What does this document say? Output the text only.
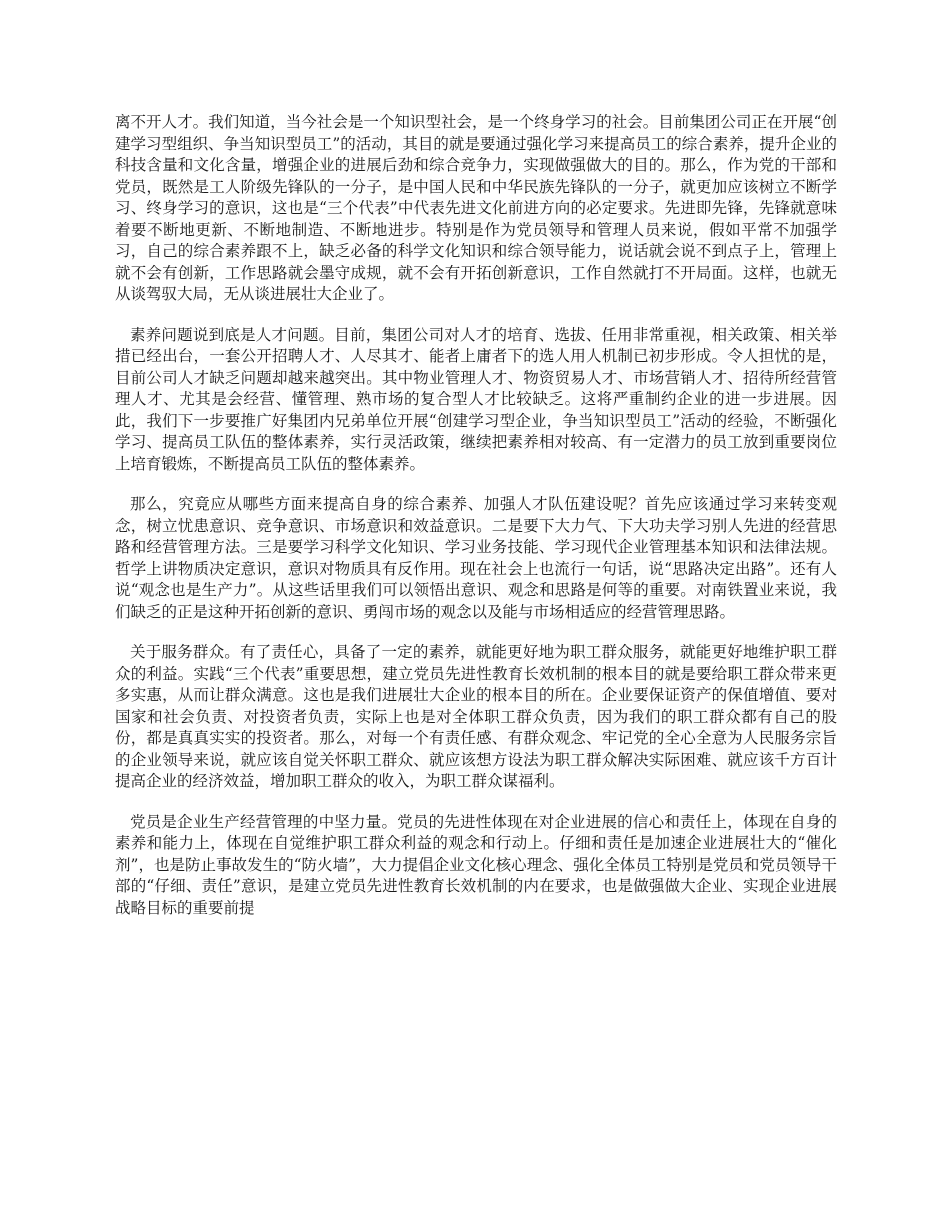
离不开人才。我们知道，当今社会是一个知识型社会，是一个终身学习的社会。目前集团公司正在开展“创建学习型组织、争当知识型员工”的活动，其目的就是要通过强化学习来提高员工的综合素养，提升企业的科技含量和文化含量，增强企业的进展后劲和综合竞争力，实现做强做大的目的。那么，作为党的干部和党员，既然是工人阶级先锋队的一分子，是中国人民和中华民族先锋队的一分子，就更加应该树立不断学习、终身学习的意识，这也是“三个代表”中代表先进文化前进方向的必定要求。先进即先锋，先锋就意味着要不断地更新、不断地制造、不断地进步。特别是作为党员领导和管理人员来说，假如平常不加强学习，自己的综合素养跟不上，缺乏必备的科学文化知识和综合领导能力，说话就会说不到点子上，管理上就不会有创新，工作思路就会墨守成规，就不会有开拓创新意识，工作自然就打不开局面。这样，也就无从谈驾驭大局，无从谈进展壮大企业了。

素养问题说到底是人才问题。目前，集团公司对人才的培育、选拔、任用非常重视，相关政策、相关举措已经出台，一套公开招聘人才、人尽其才、能者上庸者下的选人用人机制已初步形成。令人担忧的是，目前公司人才缺乏问题却越来越突出。其中物业管理人才、物资贸易人才、市场营销人才、招待所经营管理人才、尤其是会经营、懂管理、熟市场的复合型人才比较缺乏。这将严重制约企业的进一步进展。因此，我们下一步要推广好集团内兄弟单位开展“创建学习型企业，争当知识型员工”活动的经验，不断强化学习、提高员工队伍的整体素养，实行灵活政策，继续把素养相对较高、有一定潜力的员工放到重要岗位上培育锻炼，不断提高员工队伍的整体素养。

那么，究竟应从哪些方面来提高自身的综合素养、加强人才队伍建设呢？首先应该通过学习来转变观念，树立忧患意识、竞争意识、市场意识和效益意识。二是要下大力气、下大功夫学习别人先进的经营思路和经营管理方法。三是要学习科学文化知识、学习业务技能、学习现代企业管理基本知识和法律法规。哲学上讲物质决定意识，意识对物质具有反作用。现在社会上也流行一句话，说“思路决定出路”。还有人说“观念也是生产力”。从这些话里我们可以领悟出意识、观念和思路是何等的重要。对南铁置业来说，我们缺乏的正是这种开拓创新的意识、勇闯市场的观念以及能与市场相适应的经营管理思路。

关于服务群众。有了责任心，具备了一定的素养，就能更好地为职工群众服务，就能更好地维护职工群众的利益。实践“三个代表”重要思想，建立党员先进性教育长效机制的根本目的就是要给职工群众带来更多实惠，从而让群众满意。这也是我们进展壮大企业的根本目的所在。企业要保证资产的保值增值、要对国家和社会负责、对投资者负责，实际上也是对全体职工群众负责，因为我们的职工群众都有自己的股份，都是真真实实的投资者。那么，对每一个有责任感、有群众观念、牢记党的全心全意为人民服务宗旨的企业领导来说，就应该自觉关怀职工群众、就应该想方设法为职工群众解决实际困难、就应该千方百计提高企业的经济效益，增加职工群众的收入，为职工群众谋福利。

党员是企业生产经营管理的中坚力量。党员的先进性体现在对企业进展的信心和责任上，体现在自身的素养和能力上，体现在自觉维护职工群众利益的观念和行动上。仔细和责任是加速企业进展壮大的“催化剂”，也是防止事故发生的“防火墙”，大力提倡企业文化核心理念、强化全体员工特别是党员和党员领导干部的“仔细、责任”意识，是建立党员先进性教育长效机制的内在要求，也是做强做大企业、实现企业进展战略目标的重要前提
